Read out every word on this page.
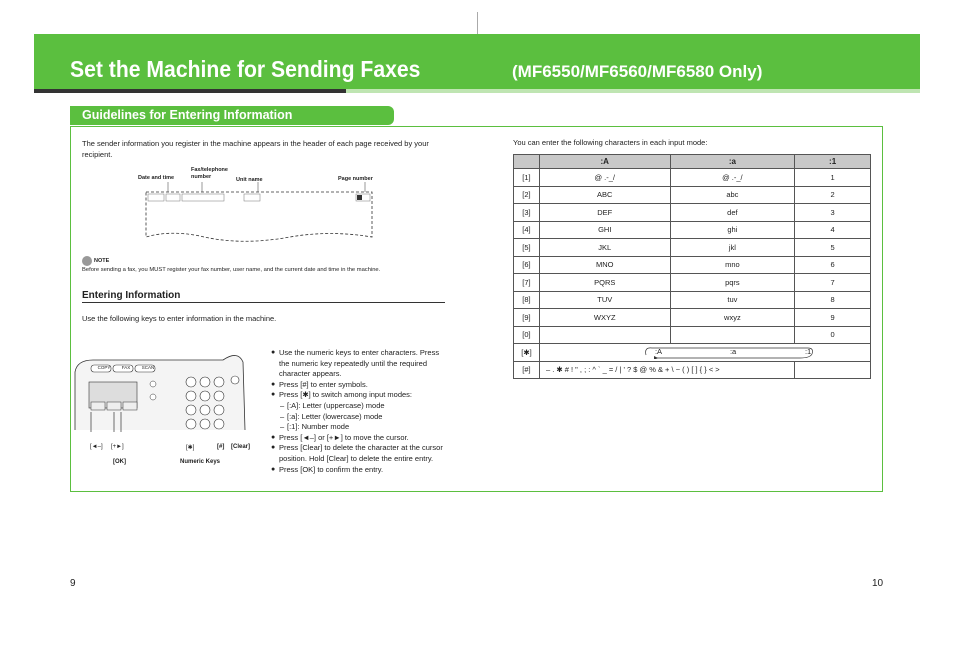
Set the Machine for Sending Faxes	(MF6550/MF6560/MF6580 Only)
Guidelines for Entering Information
The sender information you register in the machine appears in the header of each page received by your recipient.
Date and time
Fax/telephone number	Unit name	Page number
NOTE
Before sending a fax, you MUST register your fax number, user name, and the current date and time in the machine.
Entering Information
Use the following keys to enter information in the machine.
COPY	FAX	SCAN
[◄–]     [+►]
[OK]	Numeric Keys
[✱]	[#] [Clear]
● Use the numeric keys to enter characters. Press the numeric key repeatedly until the required character appears.
● Press [#] to enter symbols.
● Press [✱] to switch among input modes:
– [:A]: Letter (uppercase) mode
– [:a]: Letter (lowercase) mode
– [:1]: Number mode
● Press [◄–] or [+►] to move the cursor.
● Press [Clear] to delete the character at the cursor position. Hold [Clear] to delete the entire entry.
● Press [OK] to confirm the entry.
You can enter the following characters in each input mode:
	:A	:a	:1
[1]	@ .-_/	@ .-_/	1
[2]	ABC	abc	2
[3]	DEF	def	3
[4]	GHI	ghi	4
[5]	JKL	jkl	5
[6]	MNO	mno	6
[7]	PQRS	pqrs	7
[8]	TUV	tuv	8
[9]	WXYZ	wxyz	9
[0]			0
[✱]	:A :a :1		

[#]	– . ✱ # ! " , ; : ^ ` _ = / | ' ? $ @ % & + \ ~ ( ) [ ] { } < >		
9	10
